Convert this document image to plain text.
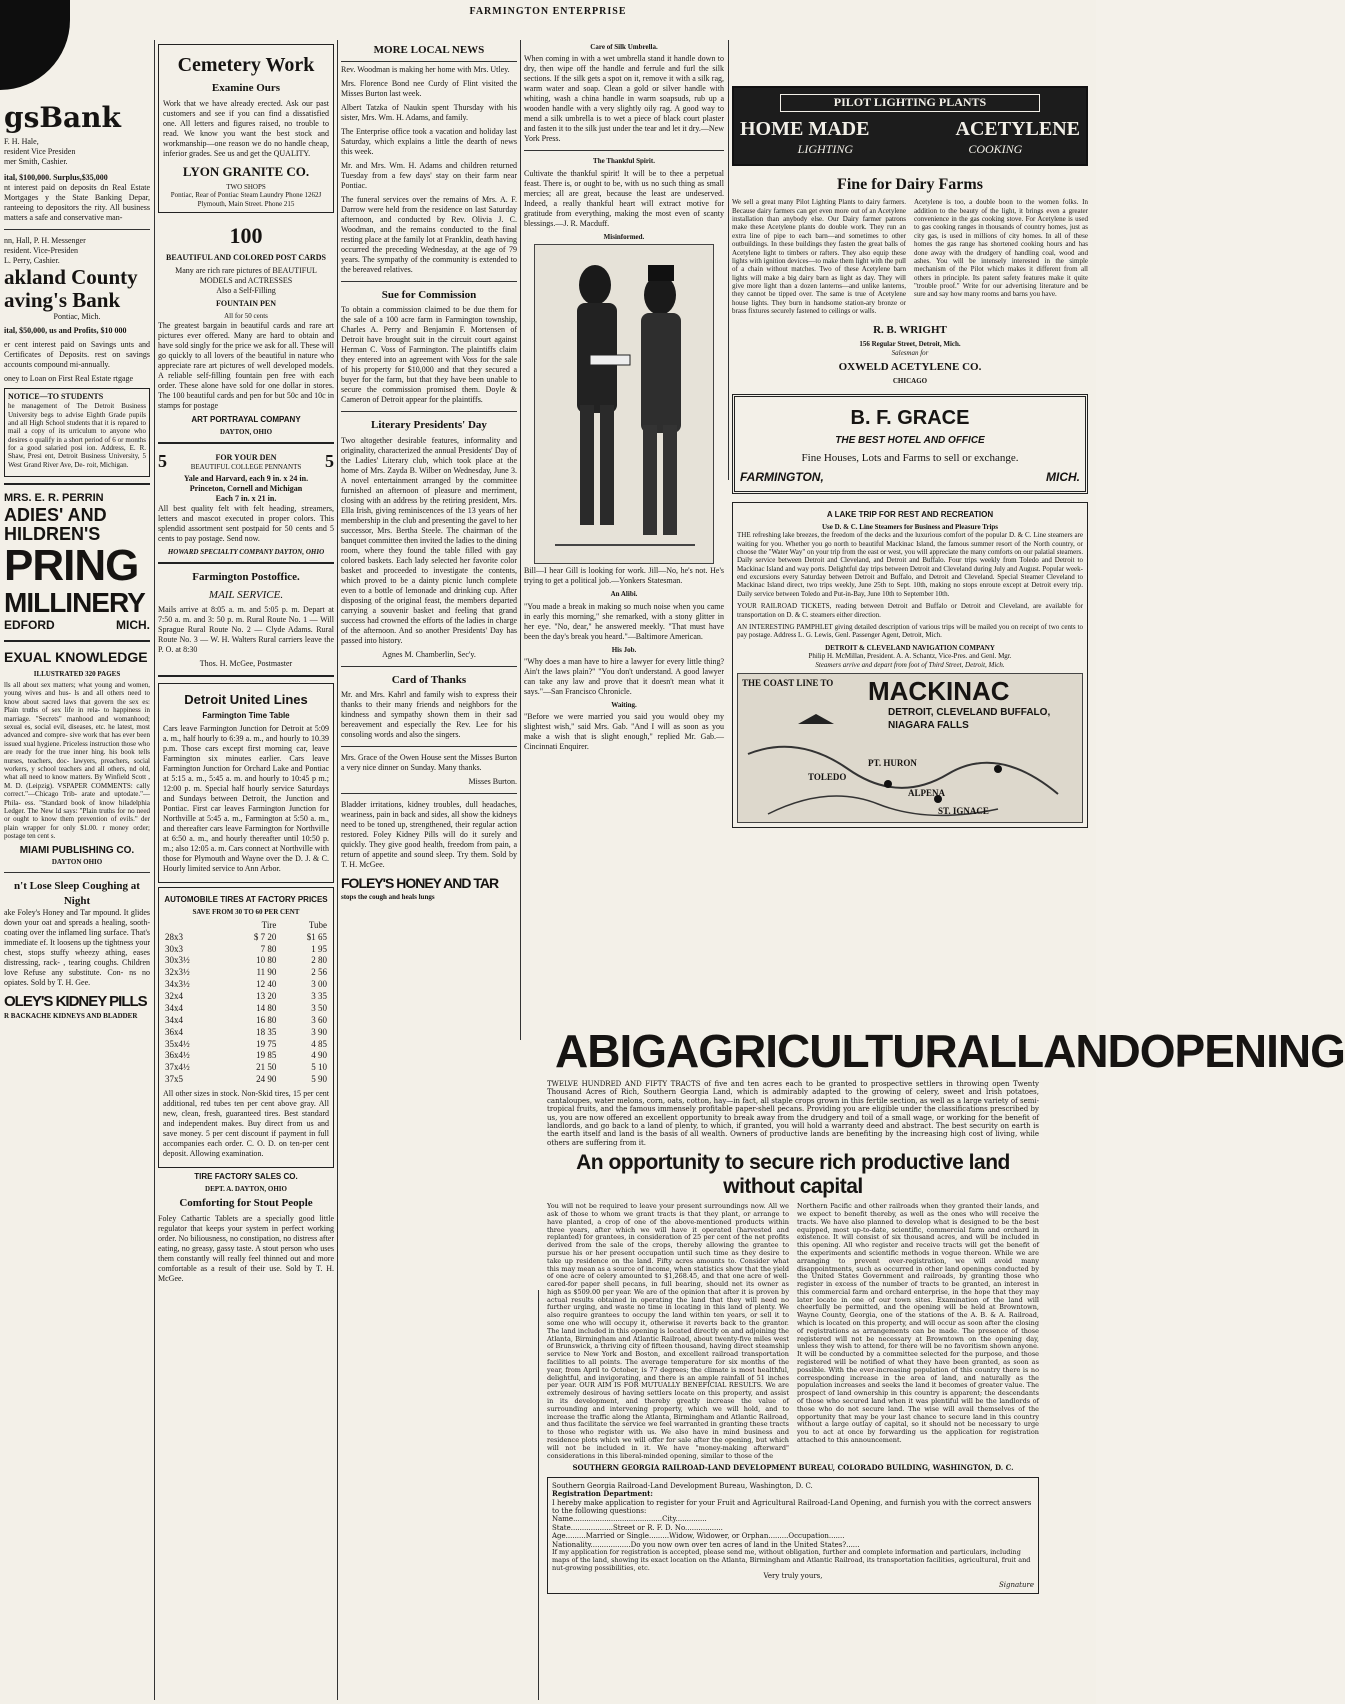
FARMINGTON ENTERPRISE
gsBank
F. H. Hale,
resident Vice Presiden
mer Smith, Cashier.
ital, $100,000. Surplus,$35,000
nt interest paid on deposits dn Real Estate Mortgages y the State Banking Depar, ranteeing to depositors the rity. All business matters a safe and conservative man-
nn, Hall, P. H. Messenger
resident. Vice-Presiden
L. Perry, Cashier.
akland County
aving's Bank
Pontiac, Mich.
ital, $50,000, us and Profits, $10 000
er cent interest paid on Savings unts and Certificates of Deposits. rest on savings accounts compound mi-annually.
oney to Loan on First Real Estate rtgage
NOTICE—TO STUDENTS
he management of The Detroit Business University begs to advise Eighth Grade pupils and all High School students that it is repared to mail a copy of its urriculum to anyone who desires o qualify in a short period of 6 or months for a good salaried posi ion. Address, E. R. Shaw, Presi ent, Detroit Business University, 5 West Grand River Ave, De- roit, Michigan.
MRS. E. R. PERRIN
ADIES' AND
HILDREN'S
PRING
MILLINERY
EDFORD	MICH.
EXUAL KNOWLEDGE
ILLUSTRATED 320 PAGES
lls all about sex matters; what young and women, young wives and hus- ls and all others need to know about sacred laws that govern the sex es: Plain truths of sex life in rela- to happiness in marriage. "Secrets" manhood and womanhood; sexual es, social evil, diseases, etc. he latest, most advanced and compre- sive work that has ever been issued xual hygiene. Priceless instruction those who are ready for the true inner hing. his book tells nurses, teachers, doc- lawyers, preachers, social workers, y school teachers and all others, nd old, what all need to know matters. By Winfield Scott , M. D. (Leipzig). VSPAPER COMMENTS: cally correct."—Chicago Trib- arate and uptodate."—Phila- ess. "Standard book of know hiladelphia Ledger. The New ld says: "Plain truths for no need or ought to know them prevention of evils." der plain wrapper for only $1.00. r money order; postage ten cent s.
MIAMI PUBLISHING CO.
DAYTON OHIO
n't Lose Sleep Coughing at Night
ake Foley's Honey and Tar mpound. It glides down your oat and spreads a healing, sooth- coating over the inflamed ling surface. That's immediate ef. It loosens up the tightness your chest, stops stuffy wheezy athing, eases distressing, rack- , tearing coughs. Children love Refuse any substitute. Con- ns no opiates. Sold by T. H. Gee.
OLEY'S KIDNEY PILLS
R BACKACHE KIDNEYS AND BLADDER
Cemetery Work
Examine Ours
Work that we have already erected. Ask our past customers and see if you can find a dissatisfied one. All letters and figures raised, no trouble to read. We know you want the best stock and workmanship—one reason we do no handle cheap, inferior grades. See us and get the QUALITY.
LYON GRANITE CO.
TWO SHOPS
Pontiac, Rear of Pontiac Steam Laundry Phone 1262J
Plymouth, Main Street. Phone 215
100
BEAUTIFUL AND COLORED POST CARDS
Many are rich rare pictures of BEAUTIFUL MODELS and ACTRESSES
Also a Self-Filling
FOUNTAIN PEN
All for 50 cents
The greatest bargain in beautiful cards and rare art pictures ever offered. Many are hard to obtain and have sold singly for the price we ask for all. These will go quickly to all lovers of the beautiful in nature who appreciate rare art pictures of well developed models. A reliable self-filling fountain pen free with each order. These alone have sold for one dollar in stores. The 100 beautiful cards and pen for but 50c and 10c in stamps for postage
ART PORTRAYAL COMPANY
DAYTON, OHIO
5	FOR YOUR DEN
BEAUTIFUL COLLEGE PENNANTS 5
Yale and Harvard, each 9 in. x 24 in.
Princeton, Cornell and Michigan
Each 7 in. x 21 in.
All best quality felt with felt heading, streamers, letters and mascot executed in proper colors. This splendid assortment sent postpaid for 50 cents and 5 cents to pay postage. Send now.
HOWARD SPECIALTY COMPANY DAYTON, OHIO
Farmington Postoffice.
MAIL SERVICE.
Mails arrive at 8:05 a. m. and 5:05 p. m. Depart at 7:50 a. m. and 3: 50 p. m. Rural Route No. 1 — Will Sprague Rural Route No. 2 — Clyde Adams. Rural Route No. 3 — W. H. Walters Rural carriers leave the P. O. at 8:30
Thos. H. McGee, Postmaster
Detroit United Lines
Farmington Time Table
Cars leave Farmington Junction for Detroit at 5:09 a. m., half hourly to 6:39 a. m., and hourly to 10.39 p.m. Those cars except first morning car, leave Farmington six minutes earlier. Cars leave Farmington Junction for Orchard Lake and Pontiac at 5:15 a. m., 5:45 a. m. and hourly to 10:45 p m.; 12:00 p. m. Special half hourly service Saturdays and Sundays between Detroit, the Junction and Pontiac. First car leaves Farmington Junction for Northville at 5:45 a. m., Farmington at 5:50 a. m., and thereafter cars leave Farmington for Northville at 6:50 a. m., and hourly thereafter until 10:50 p. m.; also 12:05 a. m. Cars connect at Northville with those for Plymouth and Wayne over the D. J. & C. Hourly limited service to Ann Arbor.
AUTOMOBILE TIRES AT FACTORY PRICES
SAVE FROM 30 TO 60 PER CENT
	Tire	Tube
28x3	$ 7 20	$1 65
30x3	7 80	1 95
30x3½	10 80	2 80
32x3½	11 90	2 56
34x3½	12 40	3 00
32x4	13 20	3 35
34x4	14 80	3 50
34x4	16 80	3 60
36x4	18 35	3 90
35x4½	19 75	4 85
36x4½	19 85	4 90
37x4½	21 50	5 10
37x5	24 90	5 90
All other sizes in stock. Non-Skid tires, 15 per cent additional, red tubes ten per cent above gray. All new, clean, fresh, guaranteed tires. Best standard and independent makes. Buy direct from us and save money. 5 per cent discount if payment in full accompanies each order. C. O. D. on ten-per cent deposit. Allowing examination.
TIRE FACTORY SALES CO.
DEPT. A. DAYTON, OHIO
Comforting for Stout People
Foley Cathartic Tablets are a specially good little regulator that keeps your system in perfect working order. No biliousness, no constipation, no distress after eating, no greasy, gassy taste. A stout person who uses them constantly will really feel thinned out and more comfortable as a result of their use. Sold by T. H. McGee.
MORE LOCAL NEWS
Rev. Woodman is making her home with Mrs. Utley.
Mrs. Florence Bond nee Curdy of Flint visited the Misses Burton last week.
Albert Tatzka of Naukin spent Thursday with his sister, Mrs. Wm. H. Adams, and family.
The Enterprise office took a vacation and holiday last Saturday, which explains a little the dearth of news this week.
Mr. and Mrs. Wm. H. Adams and children returned Tuesday from a few days' stay on their farm near Pontiac.
The funeral services over the remains of Mrs. A. F. Darrow were held from the residence on last Saturday afternoon, and conducted by Rev. Olivia J. C. Woodman, and the remains conducted to the final resting place at the family lot at Franklin, death having occurred the preceding Wednesday, at the age of 79 years. The sympathy of the community is extended to the bereaved relatives.
Sue for Commission
To obtain a commission claimed to be due them for the sale of a 100 acre farm in Farmington township, Charles A. Perry and Benjamin F. Mortensen of Detroit have brought suit in the circuit court against Herman C. Voss of Farmington. The plaintiffs claim they entered into an agreement with Voss for the sale of his property for $10,000 and that they secured a buyer for the farm, but that they have been unable to secure the commission promised them. Doyle & Cameron of Detroit appear for the plaintiffs.
Literary Presidents' Day
Two altogether desirable features, informality and originality, characterized the annual Presidents' Day of the Ladies' Literary club, which took place at the home of Mrs. Zayda B. Wilber on Wednesday, June 3. A novel entertainment arranged by the committee furnished an afternoon of pleasure and merriment, closing with an address by the retiring president, Mrs. Ella Irish, giving reminiscences of the 13 years of her membership in the club and presenting the gavel to her successor, Mrs. Bertha Steele. The chairman of the banquet committee then invited the ladies to the dining room, where they found the table filled with gay colored baskets. Each lady selected her favorite color basket and proceeded to investigate the contents, which proved to be a dainty picnic lunch complete even to a bottle of lemonade and drinking cup. After disposing of the original feast, the members departed carrying a souvenir basket and feeling that grand success had crowned the efforts of the ladies in charge of the afternoon. And so another Presidents' Day has passed into history.
Agnes M. Chamberlin, Sec'y.
Card of Thanks
Mr. and Mrs. Kahrl and family wish to express their thanks to their many friends and neighbors for the kindness and sympathy shown them in their sad bereavement and especially the Rev. Lee for his consoling words and also the singers.
Mrs. Grace of the Owen House sent the Misses Burton a very nice dinner on Sunday. Many thanks.
Misses Burton.
Bladder irritations, kidney troubles, dull headaches, weariness, pain in back and sides, all show the kidneys need to be toned up, strengthened, their regular action restored. Foley Kidney Pills will do it surely and quickly. They give good health, freedom from pain, a return of appetite and sound sleep. Try them. Sold by T. H. McGee.
FOLEY'S HONEY AND TAR
stops the cough and heals lungs
Care of Silk Umbrella.
When coming in with a wet umbrella stand it handle down to dry, then wipe off the handle and ferrule and furl the silk sections. If the silk gets a spot on it, remove it with a silk rag, warm water and soap. Clean a gold or silver handle with whiting, wash a china handle in warm soapsuds, rub up a wooden handle with a very slightly oily rag. A good way to mend a silk umbrella is to wet a piece of black court plaster and fasten it to the silk just under the tear and let it dry.—New York Press.
The Thankful Spirit.
Cultivate the thankful spirit! It will be to thee a perpetual feast. There is, or ought to be, with us no such thing as small mercies; all are great, because the least are undeserved. Indeed, a really thankful heart will extract motive for gratitude from everything, making the most even of scanty blessings.—J. R. Macduff.
Misinformed.
Bill—I hear Gill is looking for work. Jill—No, he's not. He's trying to get a political job.—Yonkers Statesman.
An Alibi.
"You made a break in making so much noise when you came in early this morning," she remarked, with a stony glitter in her eye. "No, dear," he answered meekly. "That must have been the day's break you heard."—Baltimore American.
His Job.
"Why does a man have to hire a lawyer for every little thing? Ain't the laws plain?" "You don't understand. A good lawyer can take any law and prove that it doesn't mean what it says."—San Francisco Chronicle.
Waiting.
"Before we were married you said you would obey my slightest wish," said Mrs. Gab. "And I will as soon as you make a wish that is slight enough," replied Mr. Gab.—Cincinnati Enquirer.
PILOT LIGHTING PLANTS
HOME MADE	ACETYLENE
LIGHTING	COOKING
Fine for Dairy Farms
We sell a great many Pilot Lighting Plants to dairy farmers. Because dairy farmers can get even more out of an Acetylene installation than anybody else. Our Dairy farmer patrons make these Acetylene plants do double work. They run an extra line of pipe to each barn—and sometimes to other outbuildings. In these buildings they fasten the great balls of Acetylene light to timbers or rafters. They also equip these lights with ignition devices—to make them light with the pull of a chain without matches. Two of these Acetylene barn lights will make a big dairy barn as light as day. They will give more light than a dozen lanterns—and unlike lanterns, they cannot be tipped over. The same is true of Acetylene house lights. They burn in handsome station-ary bronze or brass fixtures securely fastened to ceilings or walls.
Acetylene is too, a double boon to the women folks. In addition to the beauty of the light, it brings even a greater convenience in the gas cooking stove. For Acetylene is used to gas cooking ranges in thousands of country homes, just as city gas, is used in millions of city homes. In all of these homes the gas range has shortened cooking hours and has done away with the drudgery of handling coal, wood and ashes. You will be intensely interested in the simple mechanism of the Pilot which makes it different from all others in principle. Its patent safety features make it quite "trouble proof." Write for our advertising literature and be sure and say how many rooms and barns you have.
R. B. WRIGHT
156 Regular Street, Detroit, Mich.
Salesman for
OXWELD ACETYLENE CO.
CHICAGO
B. F. GRACE
THE BEST HOTEL AND OFFICE
Fine Houses, Lots and Farms to sell or exchange.
FARMINGTON,	MICH.
A LAKE TRIP FOR REST AND RECREATION
Use D. & C. Line Steamers for Business and Pleasure Trips
THE refreshing lake breezes, the freedom of the decks and the luxurious comfort of the popular D. & C. Line steamers are waiting for you. Whether you go north to beautiful Mackinac Island, the famous summer resort of the North country, or choose the "Water Way" on your trip from the east or west, you will appreciate the many comforts on our palatial steamers. Daily service between Detroit and Cleveland, and Detroit and Buffalo. Four trips weekly from Toledo and Detroit to Mackinac Island and way ports. Delightful day trips between Detroit and Cleveland during July and August. Popular week-end excursions every Saturday between Detroit and Buffalo, and Detroit and Cleveland. Special Steamer Cleveland to Mackinac Island direct, two trips weekly, June 25th to Sept. 10th, making no stops enroute except at Detroit every trip. Daily service between Toledo and Put-in-Bay, June 10th to September 10th.
YOUR RAILROAD TICKETS, reading between Detroit and Buffalo or Detroit and Cleveland, are available for transportation on D. & C. steamers either direction.
AN INTERESTING PAMPHLET giving detailed description of various trips will be mailed you on receipt of two cents to pay postage. Address L. G. Lewis, Genl. Passenger Agent, Detroit, Mich.
DETROIT & CLEVELAND NAVIGATION COMPANY
Philip H. McMillan, President. A. A. Schantz, Vice-Pres. and Genl. Mgr.
Steamers arrive and depart from foot of Third Street, Detroit, Mich.
THE COAST LINE TO MACKINAC
DETROIT, CLEVELAND BUFFALO, NIAGARA FALLS
TOLEDO
PT. HURON
ALPENA
ST. IGNACE
A BIG AGRICULTURAL LAND OPENING
TWELVE HUNDRED AND FIFTY TRACTS of five and ten acres each to be granted to prospective settlers in throwing open Twenty Thousand Acres of Rich, Southern Georgia Land, which is admirably adapted to the growing of celery, sweet and Irish potatoes, cantaloupes, water melons, corn, oats, cotton, hay—in fact, all staple crops grown in this fertile section, as well as a large variety of semi-tropical fruits, and the famous immensely profitable paper-shell pecans. Providing you are eligible under the classifications prescribed by us, you are now offered an excellent opportunity to break away from the drudgery and toil of a small wage, or working for the benefit of landlords, and go back to a land of plenty, to which, if granted, you will hold a warranty deed and abstract. The best security on earth is the earth itself and land is the basis of all wealth. Owners of productive lands are benefiting by the increasing high cost of living, while others are suffering from it.
An opportunity to secure rich productive land without capital
You will not be required to leave your present surroundings now. All we ask of those to whom we grant tracts is that they plant, or arrange to have planted, a crop of one of the above-mentioned products within three years, after which we will have it operated (harvested and replanted) for grantees, in consideration of 25 per cent of the net profits derived from the sale of the crops, thereby allowing the grantee to pursue his or her present occupation until such time as they desire to take up residence on the land. Fifty acres amounts to. Consider what this may mean as a source of income, when statistics show that the yield of one acre of celery amounted to $1,268.45, and that one acre of well-cared-for paper shell pecans, in full bearing, should net its owner as high as $509.00 per year. We are of the opinion that after it is proven by actual results obtained in operating the land that they will need no further urging, and waste no time in locating in this land of plenty. We also require grantees to occupy the land within ten years, or sell it to some one who will occupy it, otherwise it reverts back to the grantor. The land included in this opening is located directly on and adjoining the Atlanta, Birmingham and Atlantic Railroad, about twenty-five miles west of Brunswick, a thriving city of fifteen thousand, having direct steamship service to New York and Boston, and excellent railroad transportation facilities to all points. The average temperature for six months of the year, from April to October, is 77 degrees; the climate is most healthful, delightful, and invigorating, and there is an ample rainfall of 51 inches per year. OUR AIM IS FOR MUTUALLY BENEFICIAL RESULTS. We are extremely desirous of having settlers locate on this property, and assist in its development, and thereby greatly increase the value of surrounding and intervening property, which we will hold, and to increase the traffic along the Atlanta, Birmingham and Atlantic Railroad, and thus facilitate the service we feel warranted in granting these tracts to those who register with us. We also have in mind business and residence plots which we will offer for sale after the opening, but which will not be included in it. We have "money-making afterward" considerations in this liberal-minded opening, similar to those of the
Northern Pacific and other railroads when they granted their lands, and we expect to benefit thereby, as well as the ones who will receive the tracts. We have also planned to develop what is designed to be the best equipped, most up-to-date, scientific, commercial farm and orchard in existence. It will consist of six thousand acres, and will be included in this opening. All who register and receive tracts will get the benefit of the experiments and scientific methods in vogue thereon. While we are arranging to prevent over-registration, we will avoid many disappointments, such as occurred in other land openings conducted by the United States Government and railroads, by granting those who register in excess of the number of tracts to be granted, an interest in this commercial farm and orchard enterprise, in the hope that they may later locate in one of our town sites. Examination of the land will cheerfully be permitted, and the opening will be held at Browntown, Wayne County, Georgia, one of the stations of the A. B. & A. Railroad, which is located on this property, and will occur as soon after the closing of registrations as arrangements can be made. The presence of those registered will not be necessary at Browntown on the opening day, unless they wish to attend, for there will be no favoritism shown anyone. It will be conducted by a committee selected for the purpose, and those registered will be notified of what they have been granted, as soon as possible. With the ever-increasing population of this country there is no corresponding increase in the area of land, and naturally as the population increases and seeks the land it becomes of greater value. The prospect of land ownership in this country is apparent; the descendants of those who secured land when it was plentiful will be the landlords of those who do not secure land. The wise will avail themselves of the opportunity that may be your last chance to secure land in this country without a large outlay of capital, so it should not be necessary to urge you to act at once by forwarding us the application for registration attached to this announcement.
SOUTHERN GEORGIA RAILROAD-LAND DEVELOPMENT BUREAU, COLORADO BUILDING, WASHINGTON, D. C.
Southern Georgia Railroad-Land Development Bureau, Washington, D. C.
Registration Department:
I hereby make application to register for your Fruit and Agricultural Railroad-Land Opening, and furnish you with the correct answers to the following questions:
Name........................................City..............
State...................Street or R. F. D. No.................
Age.........Married or Single.........Widow, Widower, or Orphan.........Occupation.......
Nationality..................Do you now own over ten acres of land in the United States?......
If my application for registration is accepted, please send me, without obligation, further and complete information and particulars, including maps of the land, showing its exact location on the Atlanta, Birmingham and Atlantic Railroad, its transportation facilities, agricultural, fruit and nut-growing possibilities, etc.
Very truly yours,
Signature
